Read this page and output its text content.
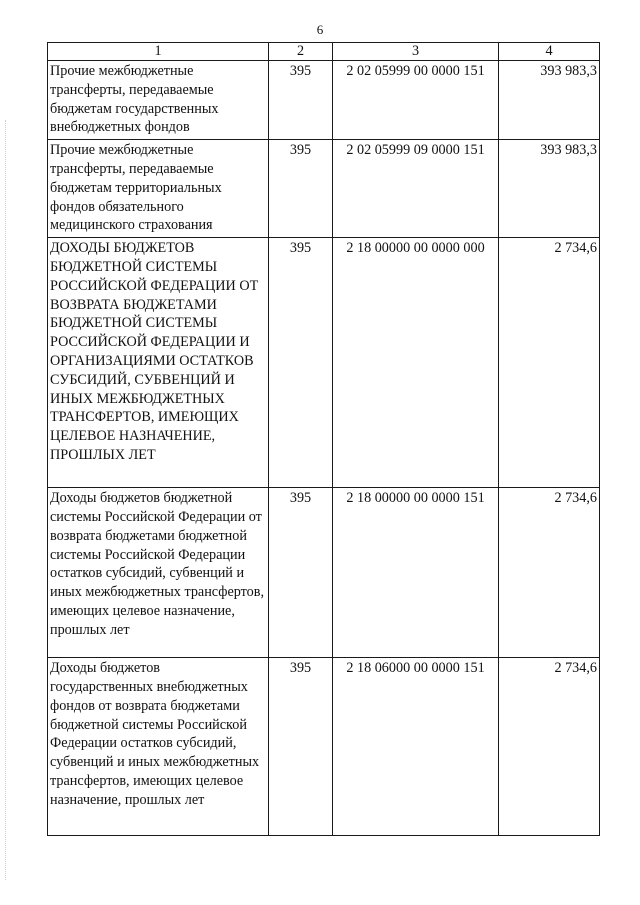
6
1	2	3	4
Прочие межбюджетные трансферты, передаваемые бюджетам государственных внебюджетных фондов	395	2 02 05999 00 0000 151	393 983,3
Прочие межбюджетные трансферты, передаваемые бюджетам территориальных фондов обязательного медицинского страхования	395	2 02 05999 09 0000 151	393 983,3
ДОХОДЫ БЮДЖЕТОВ БЮДЖЕТНОЙ СИСТЕМЫ РОССИЙСКОЙ ФЕДЕРАЦИИ ОТ ВОЗВРАТА БЮДЖЕТАМИ БЮДЖЕТНОЙ СИСТЕМЫ РОССИЙСКОЙ ФЕДЕРАЦИИ И ОРГАНИЗАЦИЯМИ ОСТАТКОВ СУБСИДИЙ, СУБВЕНЦИЙ И ИНЫХ МЕЖБЮДЖЕТНЫХ ТРАНСФЕРТОВ, ИМЕЮЩИХ ЦЕЛЕВОЕ НАЗНАЧЕНИЕ, ПРОШЛЫХ ЛЕТ	395	2 18 00000 00 0000 000	2 734,6
Доходы бюджетов бюджетной системы Российской Федерации от возврата бюджетами бюджетной системы Российской Федерации остатков субсидий, субвенций и иных межбюджетных трансфертов, имеющих целевое назначение, прошлых лет	395	2 18 00000 00 0000 151	2 734,6
Доходы бюджетов государственных внебюджетных фондов от возврата бюджетами бюджетной системы Российской Федерации остатков субсидий, субвенций и иных межбюджетных трансфертов, имеющих целевое назначение, прошлых лет	395	2 18 06000 00 0000 151	2 734,6
